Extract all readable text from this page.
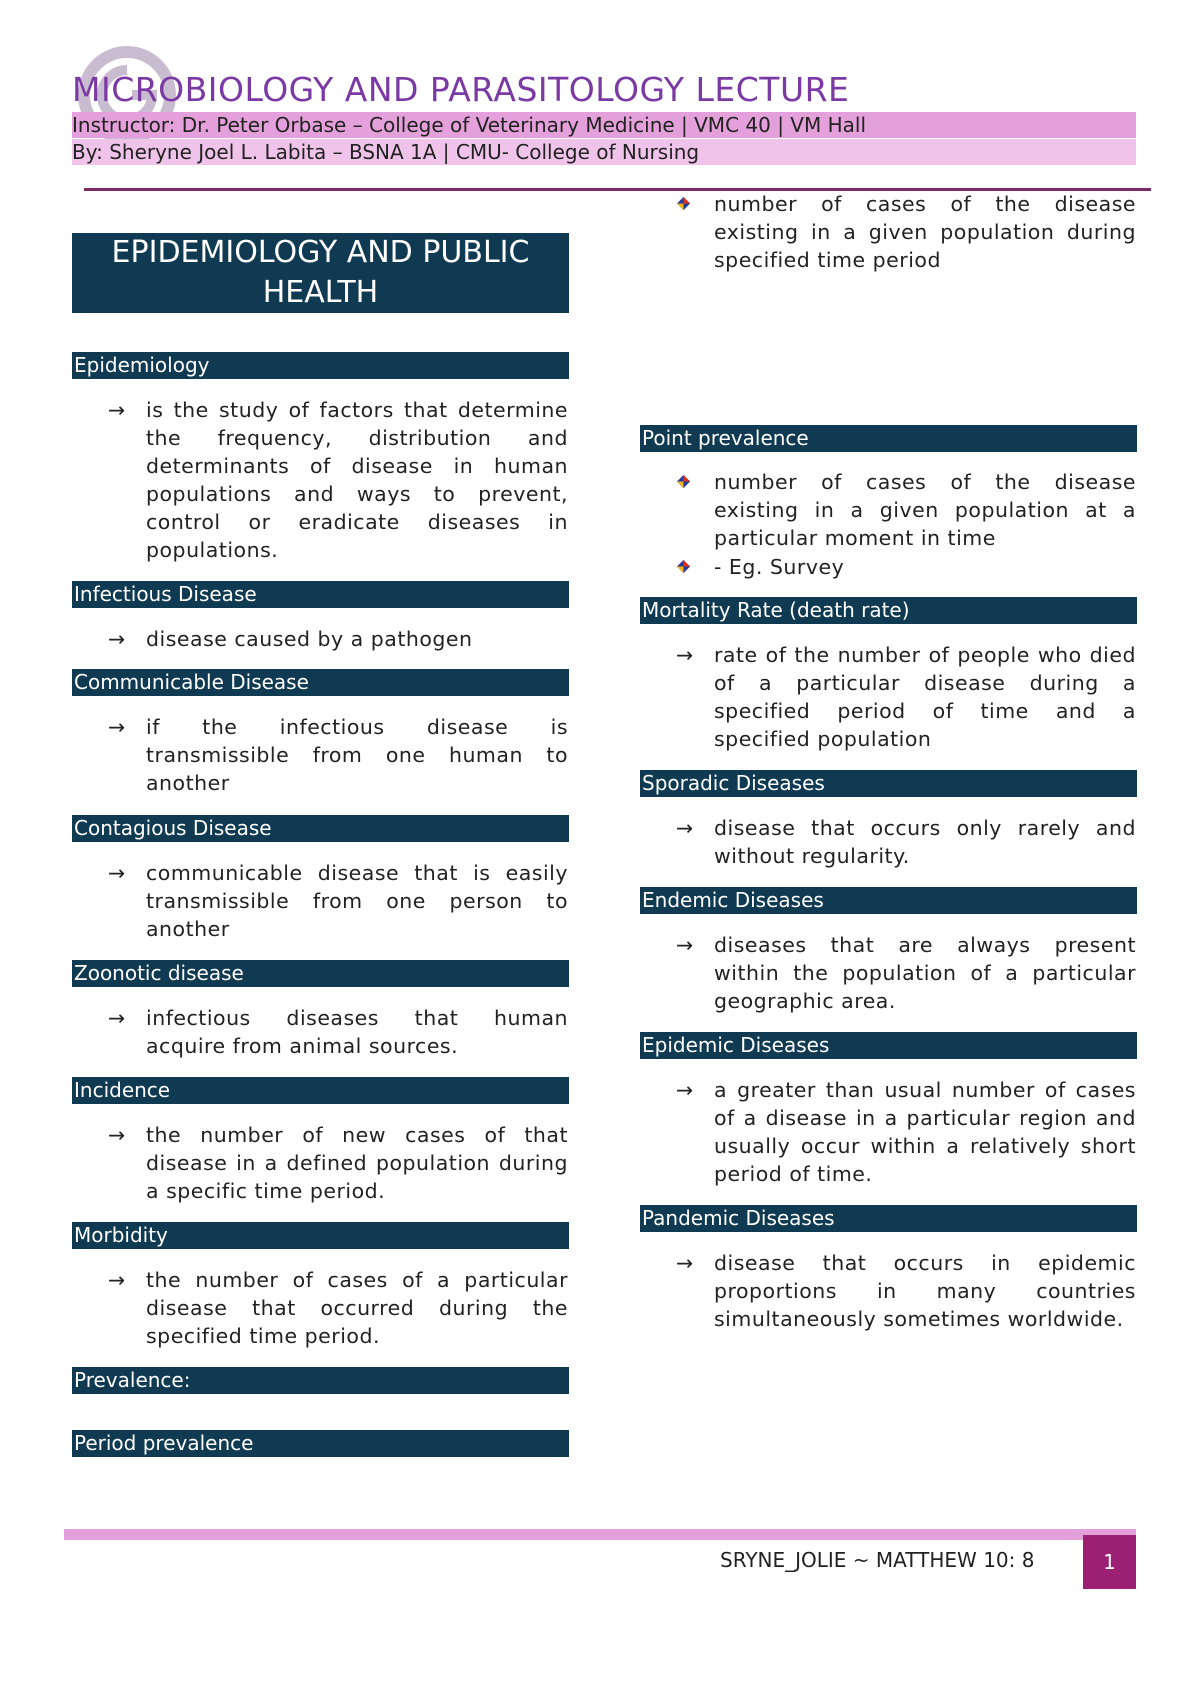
MICROBIOLOGY AND PARASITOLOGY LECTURE
Instructor: Dr. Peter Orbase – College of Veterinary Medicine | VMC 40 | VM Hall
By: Sheryne Joel L. Labita – BSNA 1A | CMU- College of Nursing
EPIDEMIOLOGY AND PUBLIC
HEALTH
Epidemiology
→ is the study of factors that determine the frequency, distribution and determinants of disease in human populations and ways to prevent, control or eradicate diseases in populations.
Infectious Disease
→ disease caused by a pathogen
Communicable Disease
→ if the infectious disease is transmissible from one human to another
Contagious Disease
→ communicable disease that is easily transmissible from one person to another
Zoonotic disease
→ infectious diseases that human acquire from animal sources.
Incidence
→ the number of new cases of that disease in a defined population during a specific time period.
Morbidity
→ the number of cases of a particular disease that occurred during the specified time period.
Prevalence:
Period prevalence
number of cases of the disease existing in a given population during specified time period
Point prevalence
number of cases of the disease existing in a given population at a particular moment in time
- Eg. Survey
Mortality Rate (death rate)
→ rate of the number of people who died of a particular disease during a specified period of time and a specified population
Sporadic Diseases
→ disease that occurs only rarely and without regularity.
Endemic Diseases
→ diseases that are always present within the population of a particular geographic area.
Epidemic Diseases
→ a greater than usual number of cases of a disease in a particular region and usually occur within a relatively short period of time.
Pandemic Diseases
→ disease that occurs in epidemic proportions in many countries simultaneously sometimes worldwide.
SRYNE_JOLIE ~ MATTHEW 10: 8	1
